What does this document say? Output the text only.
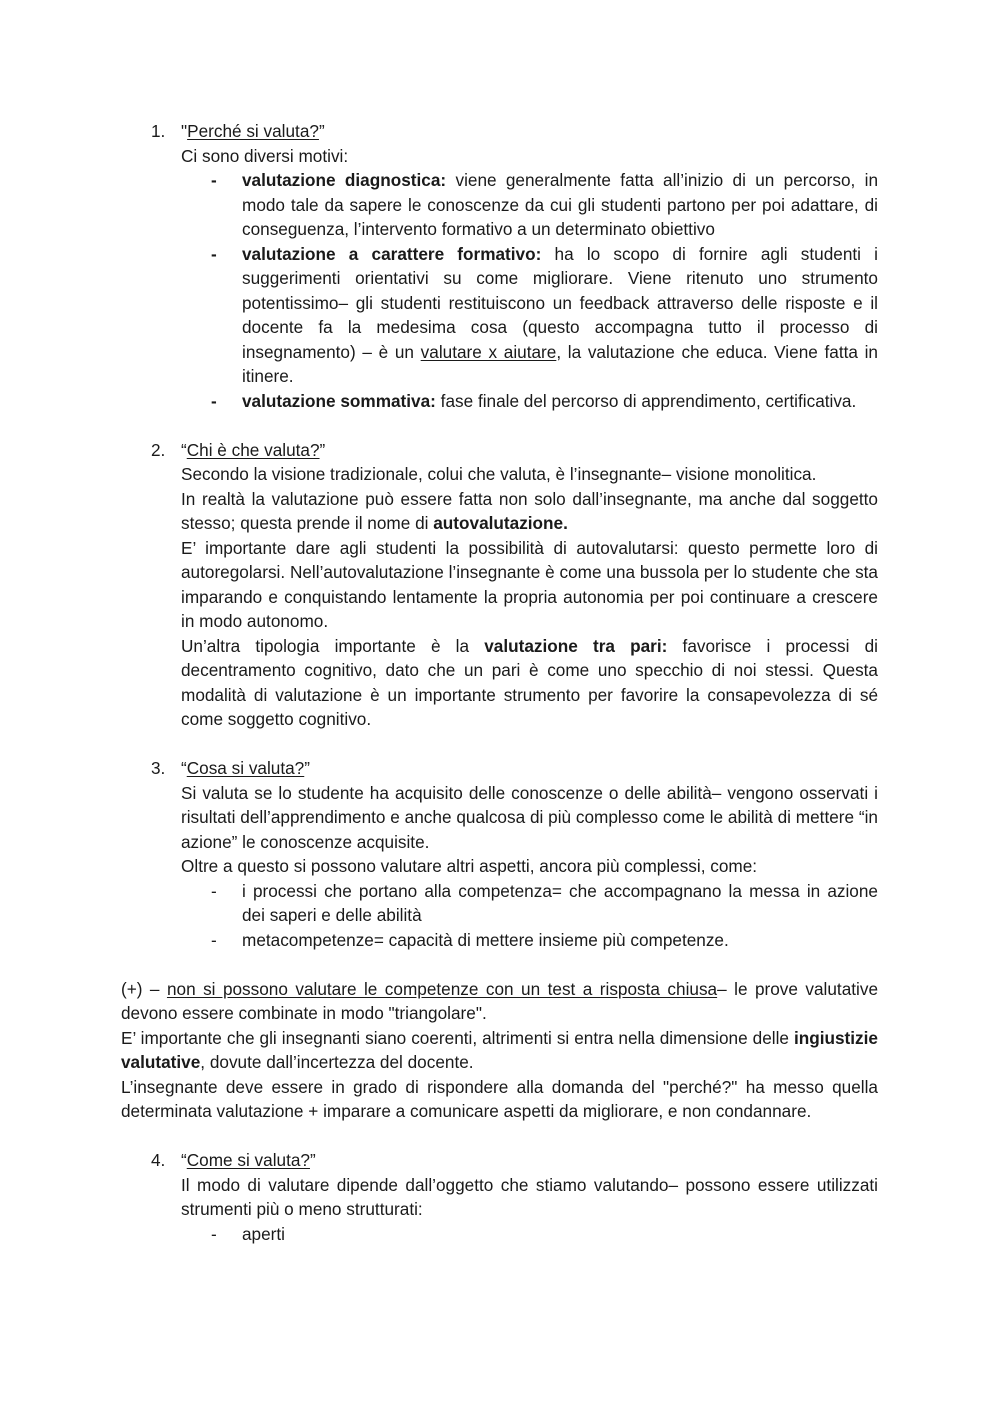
1. "Perché si valuta?”

Ci sono diversi motivi:

- valutazione diagnostica: viene generalmente fatta all’inizio di un percorso, in modo tale da sapere le conoscenze da cui gli studenti partono per poi adattare, di conseguenza, l’intervento formativo a un determinato obiettivo
- valutazione a carattere formativo: ha lo scopo di fornire agli studenti i suggerimenti orientativi su come migliorare. Viene ritenuto uno strumento potentissimo– gli studenti restituiscono un feedback attraverso delle risposte e il docente fa la medesima cosa (questo accompagna tutto il processo di insegnamento) – è un valutare x aiutare, la valutazione che educa. Viene fatta in itinere.
- valutazione sommativa: fase finale del percorso di apprendimento, certificativa.
2. “Chi è che valuta?”

Secondo la visione tradizionale, colui che valuta, è l’insegnante– visione monolitica.

In realtà la valutazione può essere fatta non solo dall’insegnante, ma anche dal soggetto stesso; questa prende il nome di autovalutazione.

E’ importante dare agli studenti la possibilità di autovalutarsi: questo permette loro di autoregolarsi. Nell’autovalutazione l’insegnante è come una bussola per lo studente che sta imparando e conquistando lentamente la propria autonomia per poi continuare a crescere in modo autonomo.

Un’altra tipologia importante è la valutazione tra pari: favorisce i processi di decentramento cognitivo, dato che un pari è come uno specchio di noi stessi. Questa modalità di valutazione è un importante strumento per favorire la consapevolezza di sé come soggetto cognitivo.

3. “Cosa si valuta?”

Si valuta se lo studente ha acquisito delle conoscenze o delle abilità– vengono osservati i risultati dell’apprendimento e anche qualcosa di più complesso come le abilità di mettere “in azione” le conoscenze acquisite.

Oltre a questo si possono valutare altri aspetti, ancora più complessi, come:

- i processi che portano alla competenza= che accompagnano la messa in azione dei saperi e delle abilità
- metacompetenze= capacità di mettere insieme più competenze.

(+) – non si possono valutare le competenze con un test a risposta chiusa– le prove valutative devono essere combinate in modo "triangolare".

E’ importante che gli insegnanti siano coerenti, altrimenti si entra nella dimensione delle ingiustizie valutative, dovute dall’incertezza del docente.

L’insegnante deve essere in grado di rispondere alla domanda del "perché?" ha messo quella determinata valutazione + imparare a comunicare aspetti da migliorare, e non condannare.

4. “Come si valuta?”

Il modo di valutare dipende dall’oggetto che stiamo valutando– possono essere utilizzati strumenti più o meno strutturati:

- aperti
